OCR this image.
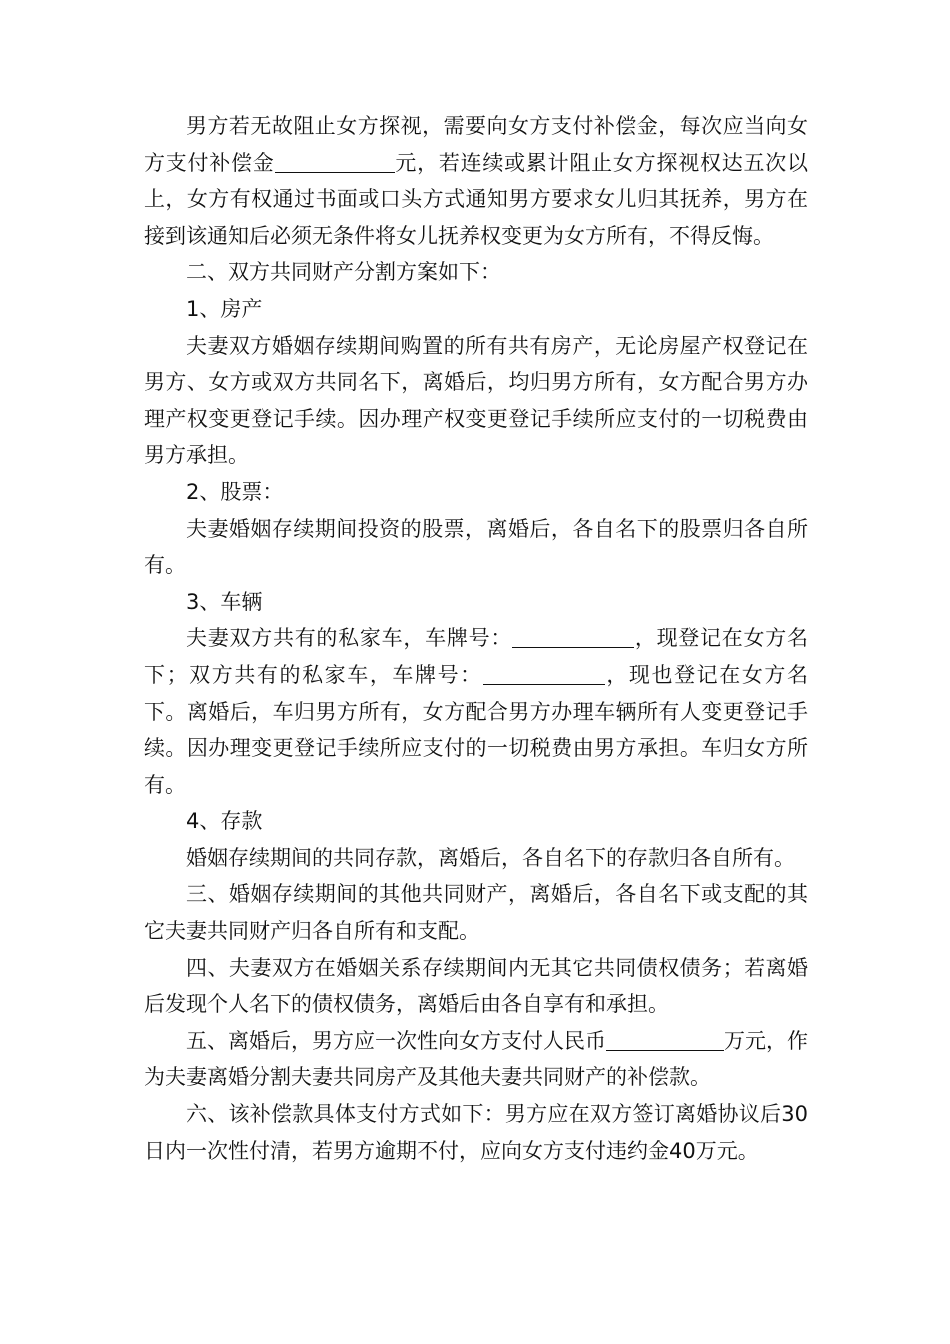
男方若无故阻止女方探视，需要向女方支付补偿金，每次应当向女方支付补偿金	元，若连续或累计阻止女方探视权达五次以上，女方有权通过书面或口头方式通知男方要求女儿归其抚养，男方在接到该通知后必须无条件将女儿抚养权变更为女方所有，不得反悔。

二、双方共同财产分割方案如下：

1、房产

夫妻双方婚姻存续期间购置的所有共有房产，无论房屋产权登记在男方、女方或双方共同名下，离婚后，均归男方所有，女方配合男方办理产权变更登记手续。因办理产权变更登记手续所应支付的一切税费由男方承担。

2、股票：

夫妻婚姻存续期间投资的股票，离婚后，各自名下的股票归各自所有。

3、车辆

夫妻双方共有的私家车，车牌号：	，现登记在女方名下；双方共有的私家车，车牌号：	，现也登记在女方名下。离婚后，车归男方所有，女方配合男方办理车辆所有人变更登记手续。因办理变更登记手续所应支付的一切税费由男方承担。车归女方所有。

4、存款

婚姻存续期间的共同存款，离婚后，各自名下的存款归各自所有。

三、婚姻存续期间的其他共同财产，离婚后，各自名下或支配的其它夫妻共同财产归各自所有和支配。

四、夫妻双方在婚姻关系存续期间内无其它共同债权债务；若离婚后发现个人名下的债权债务，离婚后由各自享有和承担。

五、离婚后，男方应一次性向女方支付人民币	万元，作为夫妻离婚分割夫妻共同房产及其他夫妻共同财产的补偿款。

六、该补偿款具体支付方式如下：男方应在双方签订离婚协议后30日内一次性付清，若男方逾期不付，应向女方支付违约金40万元。
